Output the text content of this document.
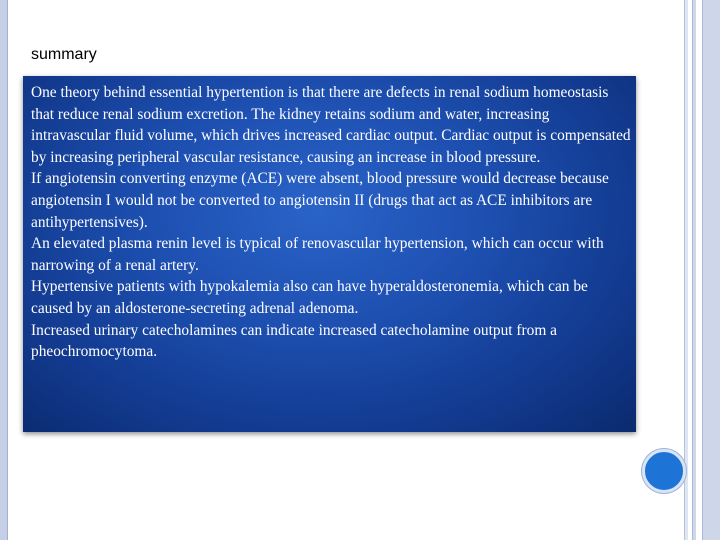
summary

One theory behind essential hypertention is that there are defects in renal sodium homeostasis that reduce renal sodium excretion. The kidney retains sodium and water, increasing intravascular fluid volume, which drives increased cardiac output. Cardiac output is compensated by increasing peripheral vascular resistance, causing an increase in blood pressure.

If angiotensin converting enzyme (ACE) were absent, blood pressure would decrease because angiotensin I would not be converted to angiotensin II (drugs that act as ACE inhibitors are antihypertensives).

An elevated plasma renin level is typical of renovascular hypertension, which can occur with narrowing of a renal artery.

Hypertensive patients with hypokalemia also can have hyperaldosteronemia, which can be caused by an aldosterone-secreting adrenal adenoma.

Increased urinary catecholamines can indicate increased catecholamine output from a pheochromocytoma.
